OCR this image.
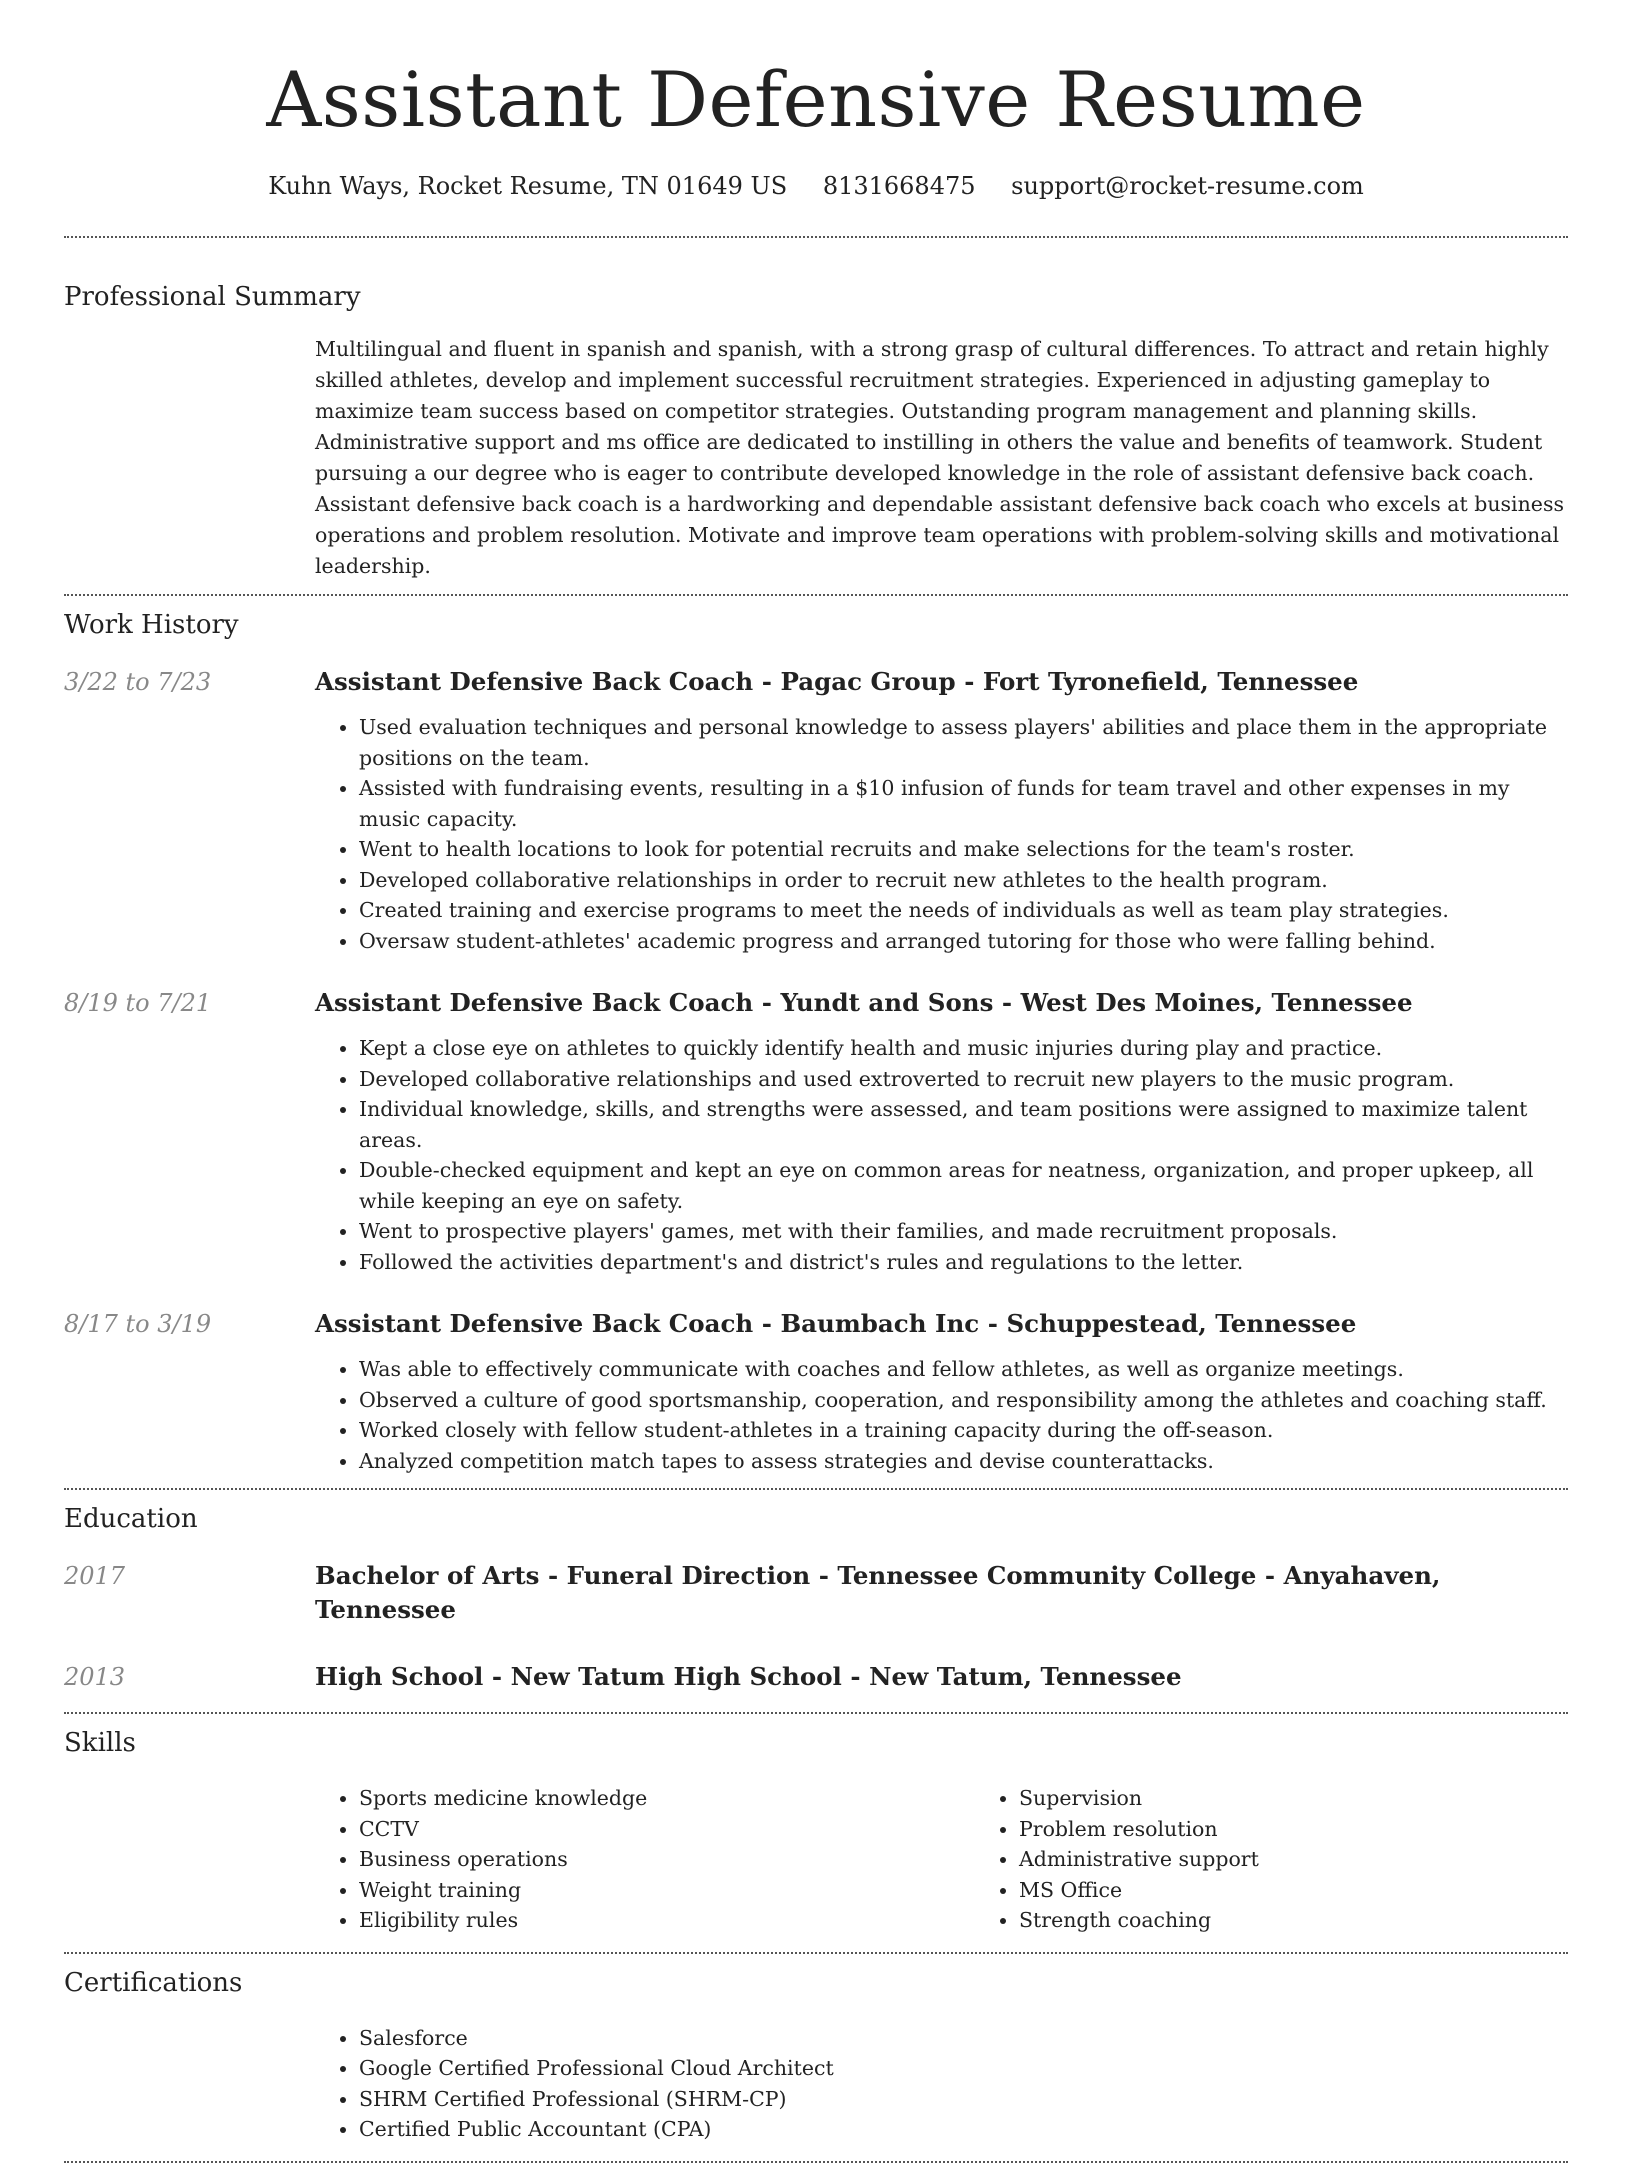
Assistant Defensive Resume
Kuhn Ways, Rocket Resume, TN 01649 US 8131668475 support@rocket-resume.com
Professional Summary

Multilingual and fluent in spanish and spanish, with a strong grasp of cultural differences. To attract and retain highly skilled athletes, develop and implement successful recruitment strategies. Experienced in adjusting gameplay to maximize team success based on competitor strategies. Outstanding program management and planning skills. Administrative support and ms office are dedicated to instilling in others the value and benefits of teamwork. Student pursuing a our degree who is eager to contribute developed knowledge in the role of assistant defensive back coach. Assistant defensive back coach is a hardworking and dependable assistant defensive back coach who excels at business operations and problem resolution. Motivate and improve team operations with problem-solving skills and motivational leadership.

Work History
3/22 to 7/23	Assistant Defensive Back Coach - Pagac Group - Fort Tyronefield, Tennessee
• Used evaluation techniques and personal knowledge to assess players' abilities and place them in the appropriate positions on the team.
• Assisted with fundraising events, resulting in a $10 infusion of funds for team travel and other expenses in my music capacity.
• Went to health locations to look for potential recruits and make selections for the team's roster.
• Developed collaborative relationships in order to recruit new athletes to the health program.
• Created training and exercise programs to meet the needs of individuals as well as team play strategies.
• Oversaw student-athletes' academic progress and arranged tutoring for those who were falling behind.
8/19 to 7/21	Assistant Defensive Back Coach - Yundt and Sons - West Des Moines, Tennessee
• Kept a close eye on athletes to quickly identify health and music injuries during play and practice.
• Developed collaborative relationships and used extroverted to recruit new players to the music program.
• Individual knowledge, skills, and strengths were assessed, and team positions were assigned to maximize talent areas.
• Double-checked equipment and kept an eye on common areas for neatness, organization, and proper upkeep, all while keeping an eye on safety.
• Went to prospective players' games, met with their families, and made recruitment proposals.
• Followed the activities department's and district's rules and regulations to the letter.
8/17 to 3/19	Assistant Defensive Back Coach - Baumbach Inc - Schuppestead, Tennessee
• Was able to effectively communicate with coaches and fellow athletes, as well as organize meetings.
• Observed a culture of good sportsmanship, cooperation, and responsibility among the athletes and coaching staff.
• Worked closely with fellow student-athletes in a training capacity during the off-season.
• Analyzed competition match tapes to assess strategies and devise counterattacks.
Education
2017	Bachelor of Arts - Funeral Direction - Tennessee Community College - Anyahaven, Tennessee
2013	High School - New Tatum High School - New Tatum, Tennessee
Skills
• Sports medicine knowledge
• CCTV
• Business operations
• Weight training
• Eligibility rules
• Supervision
• Problem resolution
• Administrative support
• MS Office
• Strength coaching
Certifications
• Salesforce
• Google Certified Professional Cloud Architect
• SHRM Certified Professional (SHRM-CP)
• Certified Public Accountant (CPA)
